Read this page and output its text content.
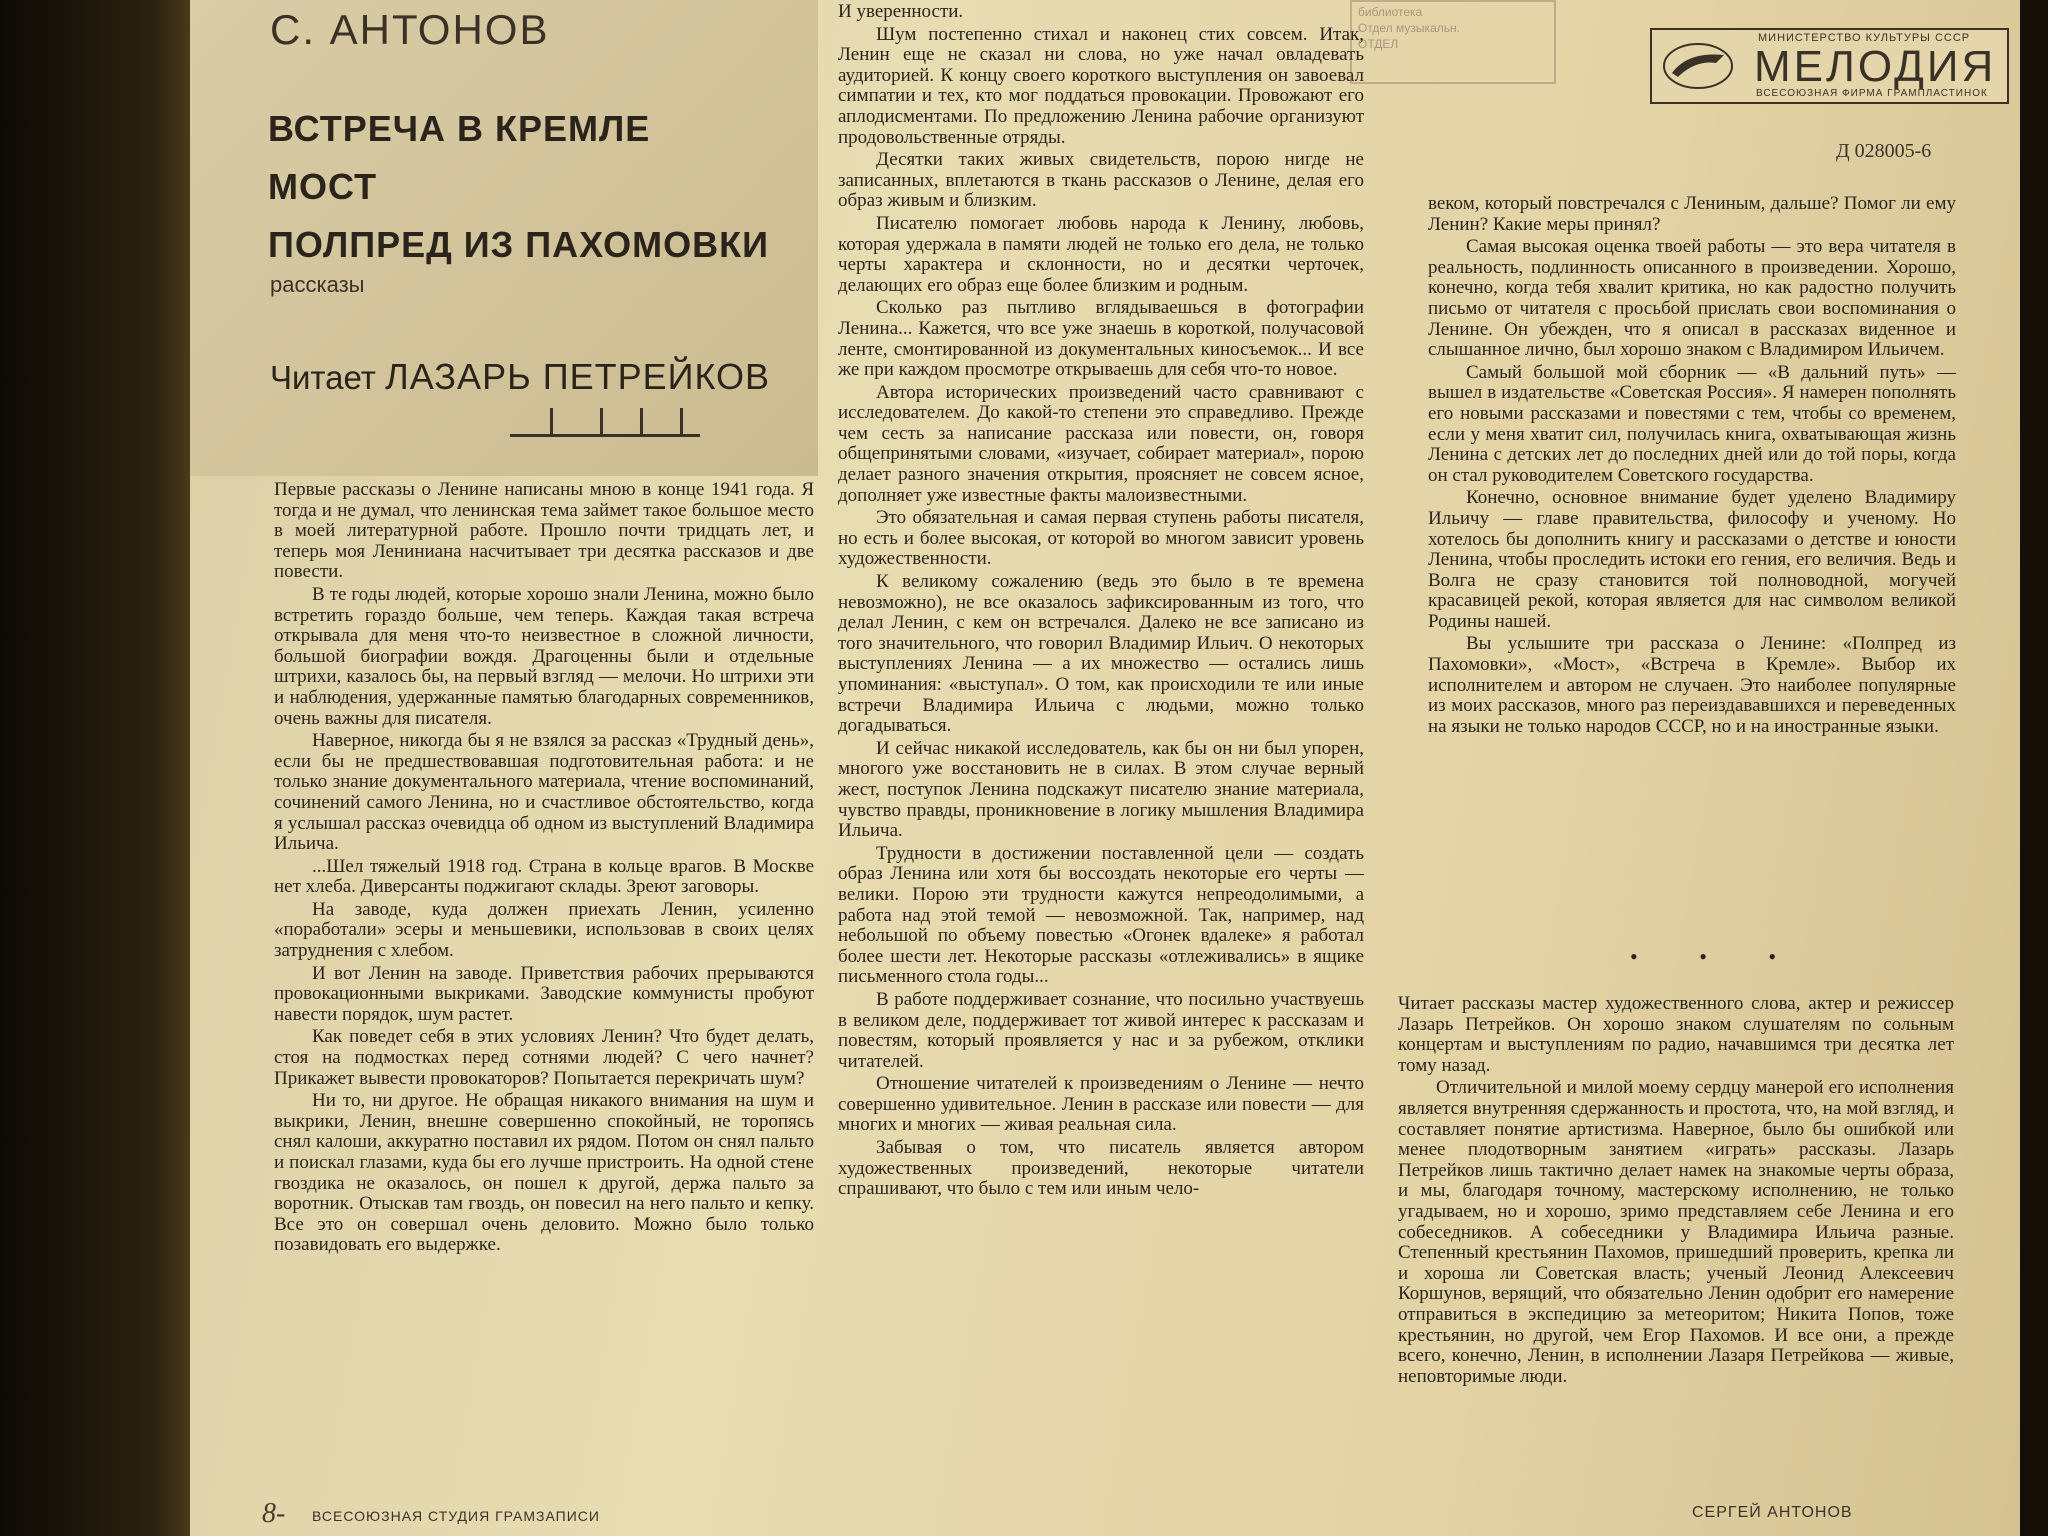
С. АНТОНОВ
ВСТРЕЧА В КРЕМЛЕ
МОСТ
ПОЛПРЕД ИЗ ПАХОМОВКИ
рассказы
Читает ЛАЗАРЬ ПЕТРЕЙКОВ

Первые рассказы о Ленине написаны мною в конце 1941 года. Я тогда и не думал, что ленинская тема займет такое большое место в моей литературной работе. Прошло почти тридцать лет, и теперь моя Лениниана насчитывает три десятка рассказов и две повести.

В те годы людей, которые хорошо знали Ленина, можно было встретить гораздо больше, чем теперь. Каждая такая встреча открывала для меня что-то неизвестное в сложной личности, большой биографии вождя. Драгоценны были и отдельные штрихи, казалось бы, на первый взгляд — мелочи. Но штрихи эти и наблюдения, удержанные памятью благодарных современников, очень важны для писателя.

Наверное, никогда бы я не взялся за рассказ «Трудный день», если бы не предшествовавшая подготовительная работа: и не только знание документального материала, чтение воспоминаний, сочинений самого Ленина, но и счастливое обстоятельство, когда я услышал рассказ очевидца об одном из выступлений Владимира Ильича.

...Шел тяжелый 1918 год. Страна в кольце врагов. В Москве нет хлеба. Диверсанты поджигают склады. Зреют заговоры.

На заводе, куда должен приехать Ленин, усиленно «поработали» эсеры и меньшевики, использовав в своих целях затруднения с хлебом.

И вот Ленин на заводе. Приветствия рабочих прерываются провокационными выкриками. Заводские коммунисты пробуют навести порядок, шум растет.

Как поведет себя в этих условиях Ленин? Что будет делать, стоя на подмостках перед сотнями людей? С чего начнет? Прикажет вывести провокаторов? Попытается перекричать шум?

Ни то, ни другое. Не обращая никакого внимания на шум и выкрики, Ленин, внешне совершенно спокойный, не торопясь снял калоши, аккуратно поставил их рядом. Потом он снял пальто и поискал глазами, куда бы его лучше пристроить. На одной стене гвоздика не оказалось, он пошел к другой, держа пальто за воротник. Отыскав там гвоздь, он повесил на него пальто и кепку. Все это он совершал очень деловито. Можно было только позавидовать его выдержке.

И уверенности.

Шум постепенно стихал и наконец стих совсем. Итак, Ленин еще не сказал ни слова, но уже начал овладевать аудиторией. К концу своего короткого выступления он завоевал симпатии и тех, кто мог поддаться провокации. Провожают его аплодисментами. По предложению Ленина рабочие организуют продовольственные отряды.

Десятки таких живых свидетельств, порою нигде не записанных, вплетаются в ткань рассказов о Ленине, делая его образ живым и близким.

Писателю помогает любовь народа к Ленину, любовь, которая удержала в памяти людей не только его дела, не только черты характера и склонности, но и десятки черточек, делающих его образ еще более близким и родным.

Сколько раз пытливо вглядываешься в фотографии Ленина... Кажется, что все уже знаешь в короткой, получасовой ленте, смонтированной из документальных киносъемок... И все же при каждом просмотре открываешь для себя что-то новое.

Автора исторических произведений часто сравнивают с исследователем. До какой-то степени это справедливо. Прежде чем сесть за написание рассказа или повести, он, говоря общепринятыми словами, «изучает, собирает материал», порою делает разного значения открытия, проясняет не совсем ясное, дополняет уже известные факты малоизвестными.

Это обязательная и самая первая ступень работы писателя, но есть и более высокая, от которой во многом зависит уровень художественности.

К великому сожалению (ведь это было в те времена невозможно), не все оказалось зафиксированным из того, что делал Ленин, с кем он встречался. Далеко не все записано из того значительного, что говорил Владимир Ильич. О некоторых выступлениях Ленина — а их множество — остались лишь упоминания: «выступал». О том, как происходили те или иные встречи Владимира Ильича с людьми, можно только догадываться.

И сейчас никакой исследователь, как бы он ни был упорен, многого уже восстановить не в силах. В этом случае верный жест, поступок Ленина подскажут писателю знание материала, чувство правды, проникновение в логику мышления Владимира Ильича.

Трудности в достижении поставленной цели — создать образ Ленина или хотя бы воссоздать некоторые его черты — велики. Порою эти трудности кажутся непреодолимыми, а работа над этой темой — невозможной. Так, например, над небольшой по объему повестью «Огонек вдалеке» я работал более шести лет. Некоторые рассказы «отлеживались» в ящике письменного стола годы...

В работе поддерживает сознание, что посильно участвуешь в великом деле, поддерживает тот живой интерес к рассказам и повестям, который проявляется у нас и за рубежом, отклики читателей.

Отношение читателей к произведениям о Ленине — нечто совершенно удивительное. Ленин в рассказе или повести — для многих и многих — живая реальная сила.

Забывая о том, что писатель является автором художественных произведений, некоторые читатели спрашивают, что было с тем или иным чело-

библиотека
Отдел музыкальн.
ОТДЕЛ	МИНИСТЕРСТВО КУЛЬТУРЫ СССР
МЕЛОДИЯ
ВСЕСОЮЗНАЯ ФИРМА ГРАМПЛАСТИНОК
Д 028005-6

веком, который повстречался с Лениным, дальше? Помог ли ему Ленин? Какие меры принял?

Самая высокая оценка твоей работы — это вера читателя в реальность, подлинность описанного в произведении. Хорошо, конечно, когда тебя хвалит критика, но как радостно получить письмо от читателя с просьбой прислать свои воспоминания о Ленине. Он убежден, что я описал в рассказах виденное и слышанное лично, был хорошо знаком с Владимиром Ильичем.

Самый большой мой сборник — «В дальний путь» — вышел в издательстве «Советская Россия». Я намерен пополнять его новыми рассказами и повестями с тем, чтобы со временем, если у меня хватит сил, получилась книга, охватывающая жизнь Ленина с детских лет до последних дней или до той поры, когда он стал руководителем Советского государства.

Конечно, основное внимание будет уделено Владимиру Ильичу — главе правительства, философу и ученому. Но хотелось бы дополнить книгу и рассказами о детстве и юности Ленина, чтобы проследить истоки его гения, его величия. Ведь и Волга не сразу становится той полноводной, могучей красавицей рекой, которая является для нас символом великой Родины нашей.

Вы услышите три рассказа о Ленине: «Полпред из Пахомовки», «Мост», «Встреча в Кремле». Выбор их исполнителем и автором не случаен. Это наиболее популярные из моих рассказов, много раз переиздававшихся и переведенных на языки не только народов СССР, но и на иностранные языки.

• • •

Читает рассказы мастер художественного слова, актер и режиссер Лазарь Петрейков. Он хорошо знаком слушателям по сольным концертам и выступлениям по радио, начавшимся три десятка лет тому назад.

Отличительной и милой моему сердцу манерой его исполнения является внутренняя сдержанность и простота, что, на мой взгляд, и составляет понятие артистизма. Наверное, было бы ошибкой или менее плодотворным занятием «играть» рассказы. Лазарь Петрейков лишь тактично делает намек на знакомые черты образа, и мы, благодаря точному, мастерскому исполнению, не только угадываем, но и хорошо, зримо представляем себе Ленина и его собеседников. А собеседники у Владимира Ильича разные. Степенный крестьянин Пахомов, пришедший проверить, крепка ли и хороша ли Советская власть; ученый Леонид Алексеевич Коршунов, верящий, что обязательно Ленин одобрит его намерение отправиться в экспедицию за метеоритом; Никита Попов, тоже крестьянин, но другой, чем Егор Пахомов. И все они, а прежде всего, конечно, Ленин, в исполнении Лазаря Петрейкова — живые, неповторимые люди.

8- ВСЕСОЮЗНАЯ СТУДИЯ ГРАМЗАПИСИ	СЕРГЕЙ АНТОНОВ
